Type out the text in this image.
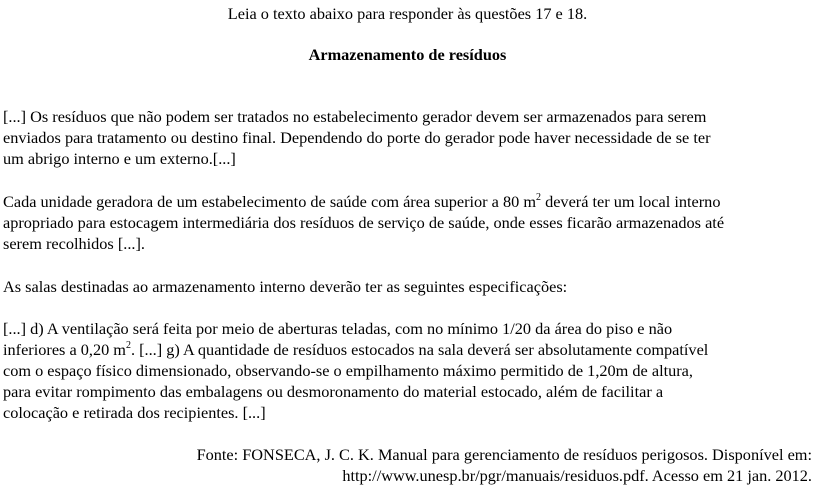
Leia o texto abaixo para responder às questões 17 e 18.
Armazenamento de resíduos
[...] Os resíduos que não podem ser tratados no estabelecimento gerador devem ser armazenados para serem
enviados para tratamento ou destino final. Dependendo do porte do gerador pode haver necessidade de se ter
um abrigo interno e um externo.[...]
Cada unidade geradora de um estabelecimento de saúde com área superior a 80 $m^2$ deverá ter um local interno
apropriado para estocagem intermediária dos resíduos de serviço de saúde, onde esses ficarão armazenados até
serem recolhidos [...].
As salas destinadas ao armazenamento interno deverão ter as seguintes especificações:
[...] d) A ventilação será feita por meio de aberturas teladas, com no mínimo 1/20 da área do piso e não
inferiores a 0,20 $m^2$. [...] g) A quantidade de resíduos estocados na sala deverá ser absolutamente compatível
com o espaço físico dimensionado, observando-se o empilhamento máximo permitido de 1,20m de altura,
para evitar rompimento das embalagens ou desmoronamento do material estocado, além de facilitar a
colocação e retirada dos recipientes. [...]
Fonte: FONSECA, J. C. K. Manual para gerenciamento de resíduos perigosos. Disponível em:
http://www.unesp.br/pgr/manuais/residuos.pdf. Acesso em 21 jan. 2012.
